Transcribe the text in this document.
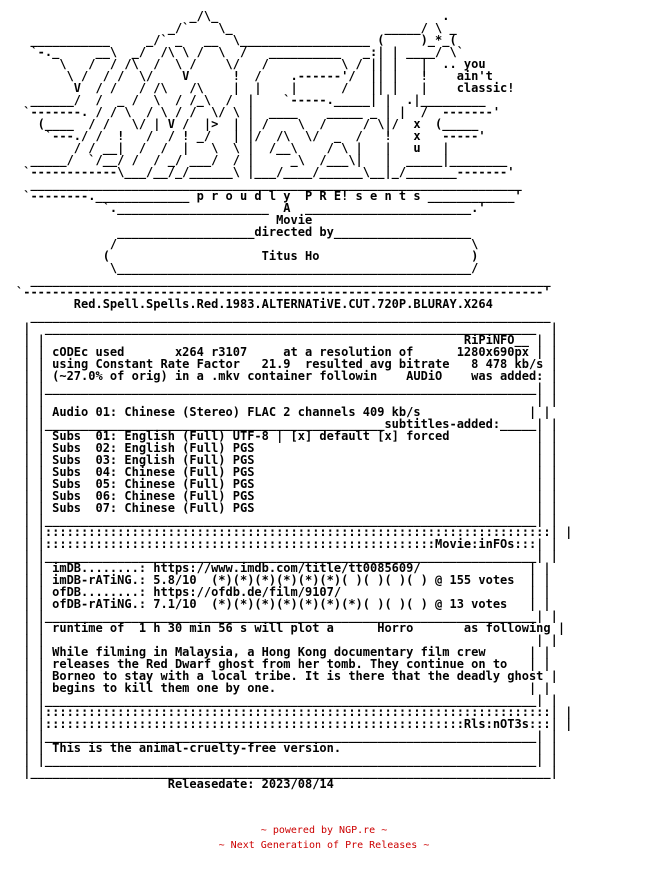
_/\_                               .
_/`    \_                     _____/ \ _
___________     _/` _   __  \__________________ (     )_*_(
`-._     __\  _/  /\ \ /  \  /   __________   _:| | ____/ \`
\   /  / /\  /  \ /    \/   /          \ / || |   |  .. you
\ /  / /  \/    V      !  /    .------'/  || |   !    ain't
V  / /   / /\   /\    |  |    |      /   || |   |    classic!
______/  /  _ /  \  / /_\  /  |    `-----._____| |  .|_________
`-------. / / \  / \ / /  \/ \ |  ____    _____ _ | |  /  -------'
(____  / /   \/ | V /  |>  | | /    \  /     / \|/  x  (_____
`---./ /  !   /  / ! _/   | |/  /\  \/  _  /   !   x   -----'
/ / __|  /  /  |   \  \ |  /__\    / \ |   |   u   |
_____/  `/__/ /  / _/ ___/  / |     _\  /___\|   |  _____|________
`------------\___/__/_/______\ |___/____/______\__|_/_______-------'
____________________________________________________________________
`--------._____________ p r o u d l y  P R E! s e n t s ____________'
`._____________________  A  _______________________.'
Movie
___________________directed by___________________
/                                                 \
(                     Titus Ho                     )
\_________________________________________________/
________________________________________________________________________
`------------------------------------------------------------------------'
Red.Spell.Spells.Red.1983.ALTERNATiVE.CUT.720P.BLURAY.X264
________________________________________________________________________
|  ____________________________________________________________________  |
| |                                                          RiPiNFO__ | |
| | cODEc used       x264 r3107     at a resolution of      1280x690px | |
| | using Constant Rate Factor   21.9  resulted avg bitrate   8 478 kb/s |
| | (~27.0% of orig) in a .mkv container followin    AUDiO    was added: |
| |____________________________________________________________________| |
| |                                                                    | |
| | Audio 01: Chinese (Stereo) FLAC 2 channels 409 kb/s               | |
| |_______________________________________________subtitles-added:_____| |
| | Subs  01: English (Full) UTF-8 | [x] default [x] forced            | |
| | Subs  02: English (Full) PGS                                       | |
| | Subs  03: English (Full) PGS                                       | |
| | Subs  04: Chinese (Full) PGS                                       | |
| | Subs  05: Chinese (Full) PGS                                       | |
| | Subs  06: Chinese (Full) PGS                                       | |
| | Subs  07: Chinese (Full) PGS                                       | |
| |____________________________________________________________________| |
| |::::::::::::::::::::::::::::::::::::::::::::::::::::::::::::::::::::::| |
| |::::::::::::::::::::::::::::::::::::::::::::::::::::::Movie:inFOs:::| |
| |____________________________________________________________________| |
| | imDB........: https://www.imdb.com/title/tt0085609/               | |
| | imDB-rATiNG.: 5.8/10  (*)(*)(*)(*)(*)(*)( )( )( )( ) @ 155 votes  | |
| | ofDB........: https://ofdb.de/film/9107/                          | |
| | ofDB-rATiNG.: 7.1/10  (*)(*)(*)(*)(*)(*)(*)( )( )( ) @ 13 votes   | |
| |____________________________________________________________________| |
| | runtime of  1 h 30 min 56 s will plot a      Horro       as following |
| |                                                                    | |
| | While filming in Malaysia, a Hong Kong documentary film crew      | |
| | releases the Red Dwarf ghost from her tomb. They continue on to   | |
| | Borneo to stay with a local tribe. It is there that the deadly ghost |
| | begins to kill them one by one.                                   | |
| |____________________________________________________________________| |
| |::::::::::::::::::::::::::::::::::::::::::::::::::::::::::::::::::::::| |
| |::::::::::::::::::::::::::::::::::::::::::::::::::::::::::Rls:nOT3s:::| |
| |____________________________________________________________________| |
| | This is the animal-cruelty-free version.                           | |
| |____________________________________________________________________| |
|________________________________________________________________________|
Releasedate: 2023/08/14
~ powered by NGP.re ~
~ Next Generation of Pre Releases ~
